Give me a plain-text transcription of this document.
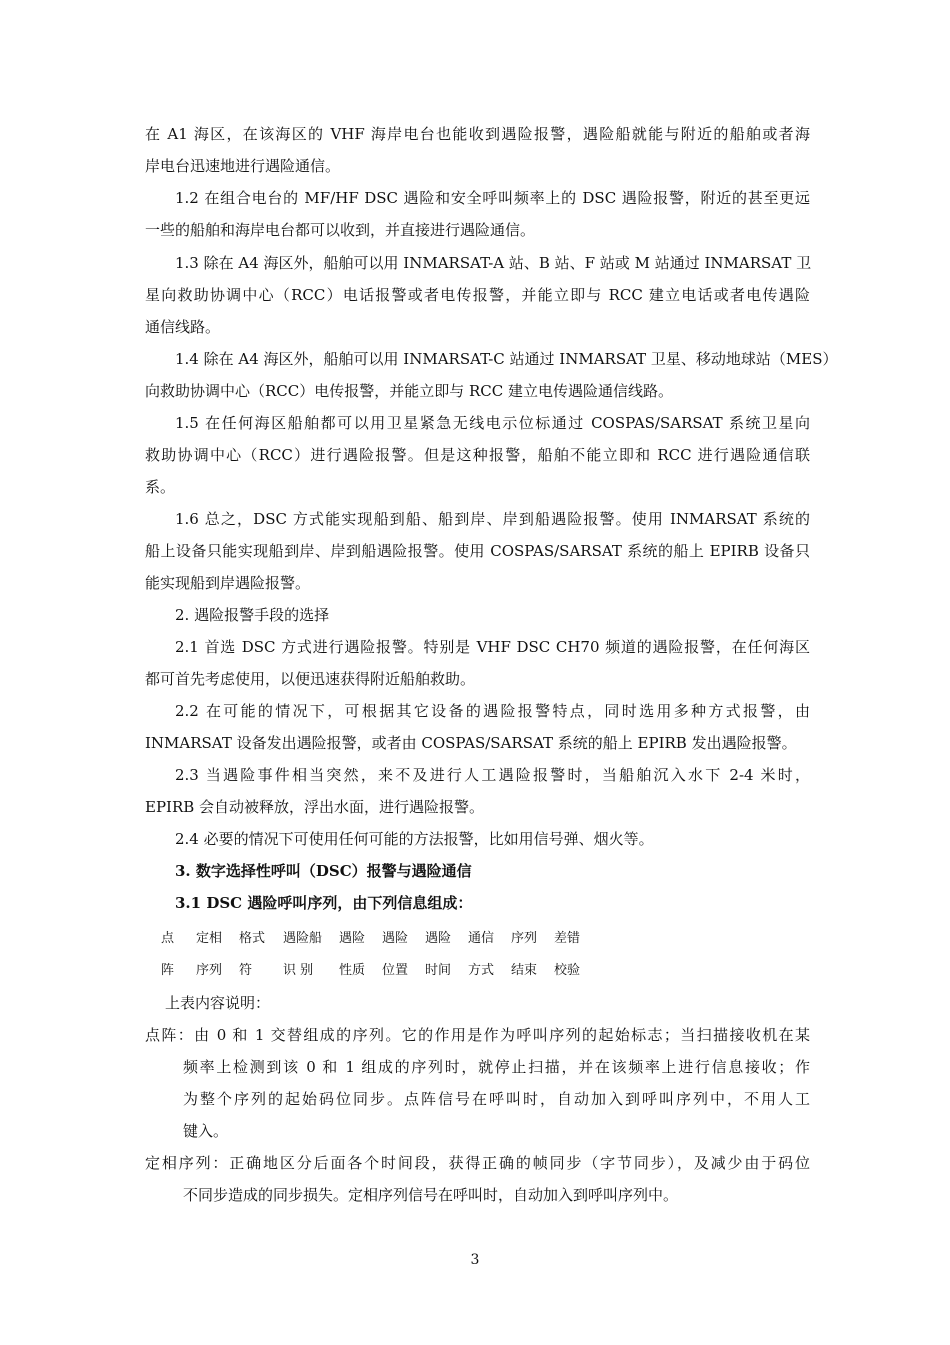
在 A1 海区，在该海区的 VHF 海岸电台也能收到遇险报警，遇险船就能与附近的船舶或者海
岸电台迅速地进行遇险通信。
1.2 在组合电台的 MF/HF DSC 遇险和安全呼叫频率上的 DSC 遇险报警，附近的甚至更远
一些的船舶和海岸电台都可以收到，并直接进行遇险通信。
1.3 除在 A4 海区外，船舶可以用 INMARSAT-A 站、B 站、F 站或 M 站通过 INMARSAT 卫
星向救助协调中心（RCC）电话报警或者电传报警，并能立即与 RCC 建立电话或者电传遇险
通信线路。
1.4 除在 A4 海区外，船舶可以用 INMARSAT-C 站通过 INMARSAT 卫星、移动地球站（MES）
向救助协调中心（RCC）电传报警，并能立即与 RCC 建立电传遇险通信线路。
1.5 在任何海区船舶都可以用卫星紧急无线电示位标通过 COSPAS/SARSAT 系统卫星向
救助协调中心（RCC）进行遇险报警。但是这种报警，船舶不能立即和 RCC 进行遇险通信联
系。
1.6 总之，DSC 方式能实现船到船、船到岸、岸到船遇险报警。使用 INMARSAT 系统的
船上设备只能实现船到岸、岸到船遇险报警。使用 COSPAS/SARSAT 系统的船上 EPIRB 设备只
能实现船到岸遇险报警。
2. 遇险报警手段的选择
2.1 首选 DSC 方式进行遇险报警。特别是 VHF DSC CH70 频道的遇险报警，在任何海区
都可首先考虑使用，以便迅速获得附近船舶救助。
2.2 在可能的情况下，可根据其它设备的遇险报警特点，同时选用多种方式报警，由
INMARSAT 设备发出遇险报警，或者由 COSPAS/SARSAT 系统的船上 EPIRB 发出遇险报警。
2.3 当遇险事件相当突然，来不及进行人工遇险报警时，当船舶沉入水下 2-4 米时，
EPIRB 会自动被释放，浮出水面，进行遇险报警。
2.4 必要的情况下可使用任何可能的方法报警，比如用信号弹、烟火等。
3. 数字选择性呼叫（DSC）报警与遇险通信
3.1 DSC 遇险呼叫序列，由下列信息组成：
点 定相 格式 遇险船 遇险 遇险 遇险 通信 序列 差错
阵 序列 符 识 别 性质 位置 时间 方式 结束 校验
上表内容说明：
点阵：由 0 和 1 交替组成的序列。它的作用是作为呼叫序列的起始标志；当扫描接收机在某
频率上检测到该 0 和 1 组成的序列时，就停止扫描，并在该频率上进行信息接收；作
为整个序列的起始码位同步。点阵信号在呼叫时，自动加入到呼叫序列中，不用人工
键入。
定相序列：正确地区分后面各个时间段，获得正确的帧同步（字节同步），及减少由于码位
不同步造成的同步损失。定相序列信号在呼叫时，自动加入到呼叫序列中。
3
